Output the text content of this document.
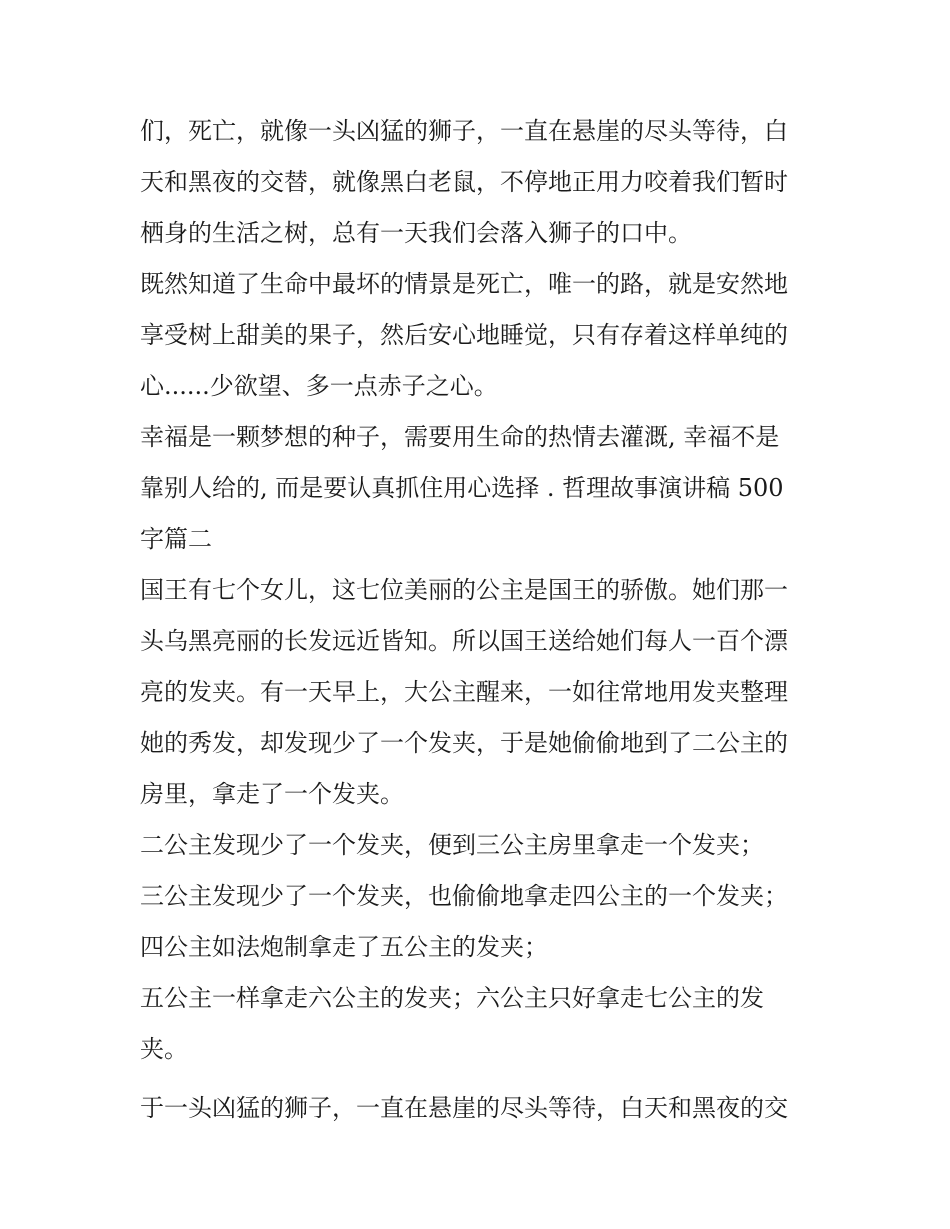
们，死亡，就像一头凶猛的狮子，一直在悬崖的尽头等待，白
天和黑夜的交替，就像黑白老鼠，不停地正用力咬着我们暂时
栖身的生活之树，总有一天我们会落入狮子的口中。
既然知道了生命中最坏的情景是死亡，唯一的路，就是安然地
享受树上甜美的果子，然后安心地睡觉，只有存着这样单纯的
心......少欲望、多一点赤子之心。
幸福是一颗梦想的种子，需要用生命的热情去灌溉, 幸福不是
靠别人给的, 而是要认真抓住用心选择 . 哲理故事演讲稿 500
字篇二
国王有七个女儿，这七位美丽的公主是国王的骄傲。她们那一
头乌黑亮丽的长发远近皆知。所以国王送给她们每人一百个漂
亮的发夹。有一天早上，大公主醒来，一如往常地用发夹整理
她的秀发，却发现少了一个发夹，于是她偷偷地到了二公主的
房里，拿走了一个发夹。
二公主发现少了一个发夹，便到三公主房里拿走一个发夹；
三公主发现少了一个发夹，也偷偷地拿走四公主的一个发夹；
四公主如法炮制拿走了五公主的发夹；
五公主一样拿走六公主的发夹；六公主只好拿走七公主的发
夹。
于一头凶猛的狮子，一直在悬崖的尽头等待，白天和黑夜的交
